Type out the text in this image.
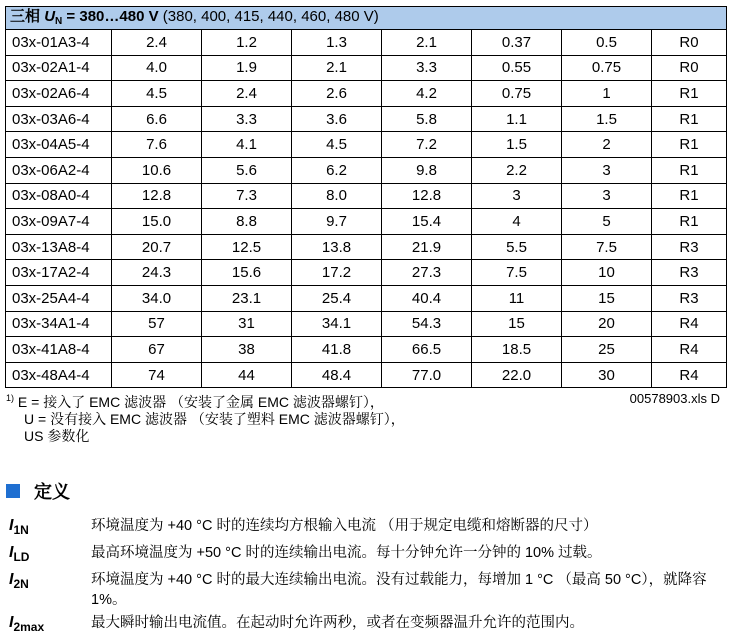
三相 $U_N$ = 380…480 V (380, 400, 415, 440, 460, 480 V)							
03x-01A3-4	2.4	1.2	1.3	2.1	0.37	0.5	R0
03x-02A1-4	4.0	1.9	2.1	3.3	0.55	0.75	R0
03x-02A6-4	4.5	2.4	2.6	4.2	0.75	1	R1
03x-03A6-4	6.6	3.3	3.6	5.8	1.1	1.5	R1
03x-04A5-4	7.6	4.1	4.5	7.2	1.5	2	R1
03x-06A2-4	10.6	5.6	6.2	9.8	2.2	3	R1
03x-08A0-4	12.8	7.3	8.0	12.8	3	3	R1
03x-09A7-4	15.0	8.8	9.7	15.4	4	5	R1
03x-13A8-4	20.7	12.5	13.8	21.9	5.5	7.5	R3
03x-17A2-4	24.3	15.6	17.2	27.3	7.5	10	R3
03x-25A4-4	34.0	23.1	25.4	40.4	11	15	R3
03x-34A1-4	57	31	34.1	54.3	15	20	R4
03x-41A8-4	67	38	41.8	66.5	18.5	25	R4
03x-48A4-4	74	44	48.4	77.0	22.0	30	R4
$^{1)}$ E = 接入了 EMC 滤波器 （安装了金属 EMC 滤波器螺钉），
U = 没有接入 EMC 滤波器 （安装了塑料 EMC 滤波器螺钉），
US 参数化
00578903.xls D
定义
$I_{1N}$	环境温度为 +40 °C 时的连续均方根输入电流 （用于规定电缆和熔断器的尺寸）
$I_{LD}$	最高环境温度为 +50 °C 时的连续输出电流。每十分钟允许一分钟的 10% 过载。
$I_{2N}$	环境温度为 +40 °C 时的最大连续输出电流。没有过载能力，每增加 1 °C （最高 50 °C），就降容 1%。
$I_{2max}$	最大瞬时输出电流值。在起动时允许两秒，或者在变频器温升允许的范围内。
